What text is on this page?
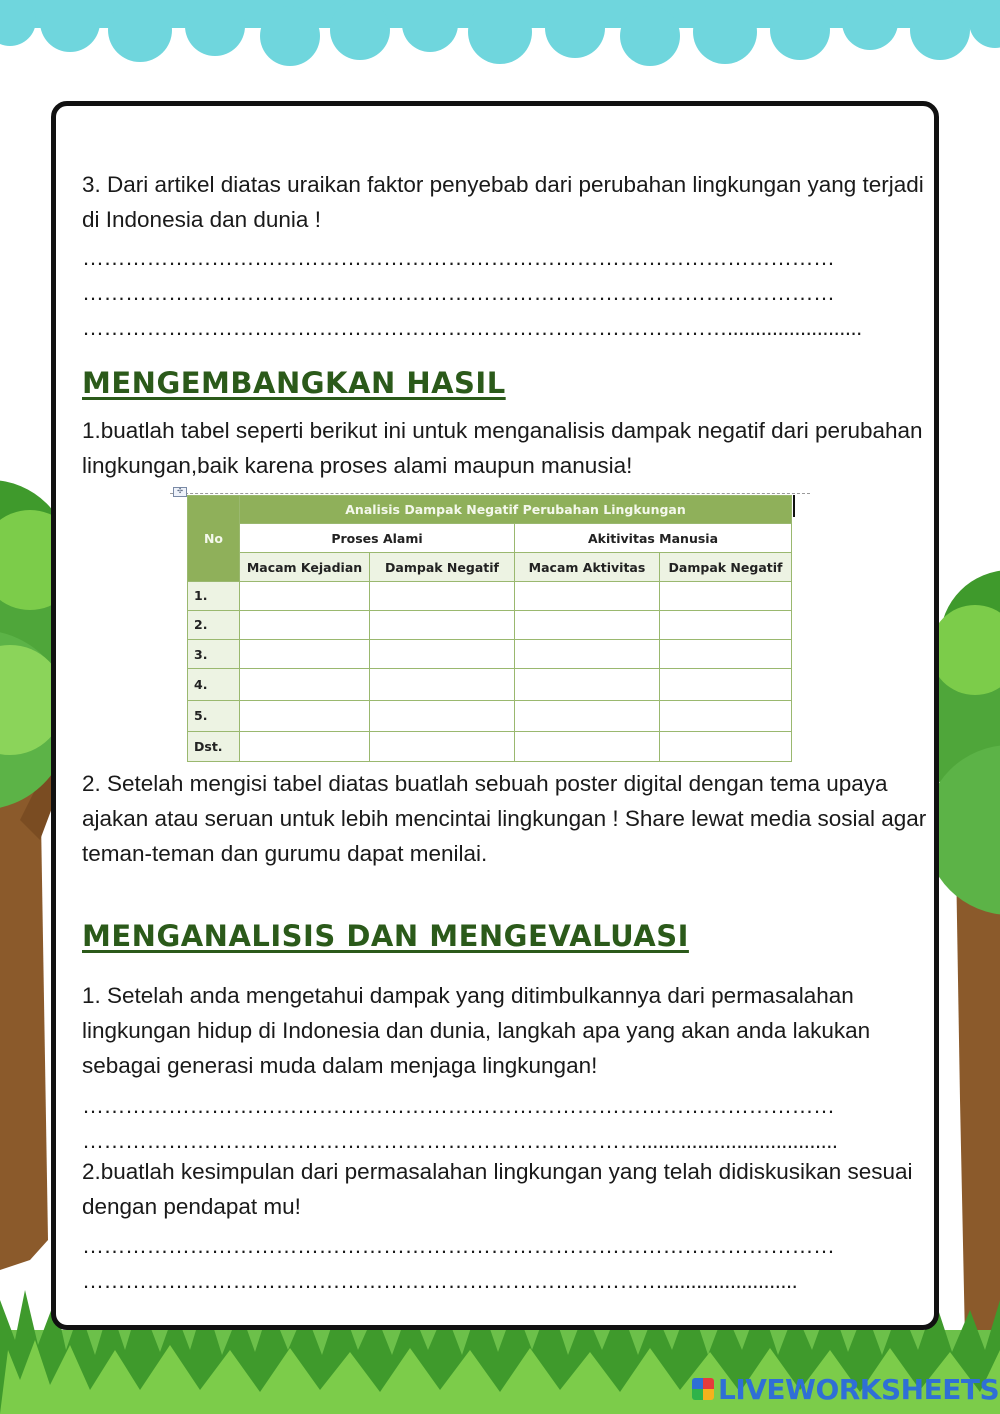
3. Dari artikel diatas uraikan faktor penyebab dari perubahan lingkungan yang terjadi di Indonesia dan dunia !

……………………………………………………………………………………………
……………………………………………………………………………………………
………………………………………………………………………………........................
MENGEMBANGKAN HASIL

1.buatlah tabel seperti berikut ini untuk menganalisis dampak negatif dari perubahan lingkungan,baik karena proses alami maupun manusia!

✣
No	Analisis Dampak Negatif Perubahan Lingkungan			
	Proses Alami		Akitivitas Manusia	
	Macam Kejadian	Dampak Negatif	Macam Aktivitas	Dampak Negatif
1.				
2.				
3.				
4.				
5.				
Dst.				

2. Setelah mengisi tabel diatas buatlah sebuah poster digital dengan tema upaya ajakan atau seruan untuk lebih mencintai lingkungan ! Share lewat media sosial agar teman-teman dan gurumu dapat menilai.

MENGANALISIS DAN MENGEVALUASI

1. Setelah anda mengetahui dampak yang ditimbulkannya dari permasalahan lingkungan hidup di Indonesia dan dunia, langkah apa yang akan anda lakukan sebagai generasi muda dalam menjaga lingkungan!

……………………………………………………………………………………………
……………………………………………………………………...................................

2.buatlah kesimpulan dari permasalahan lingkungan yang telah didiskusikan sesuai dengan pendapat mu!

……………………………………………………………………………………………
………………………………………………………………………........................
LIVEWORKSHEETS
